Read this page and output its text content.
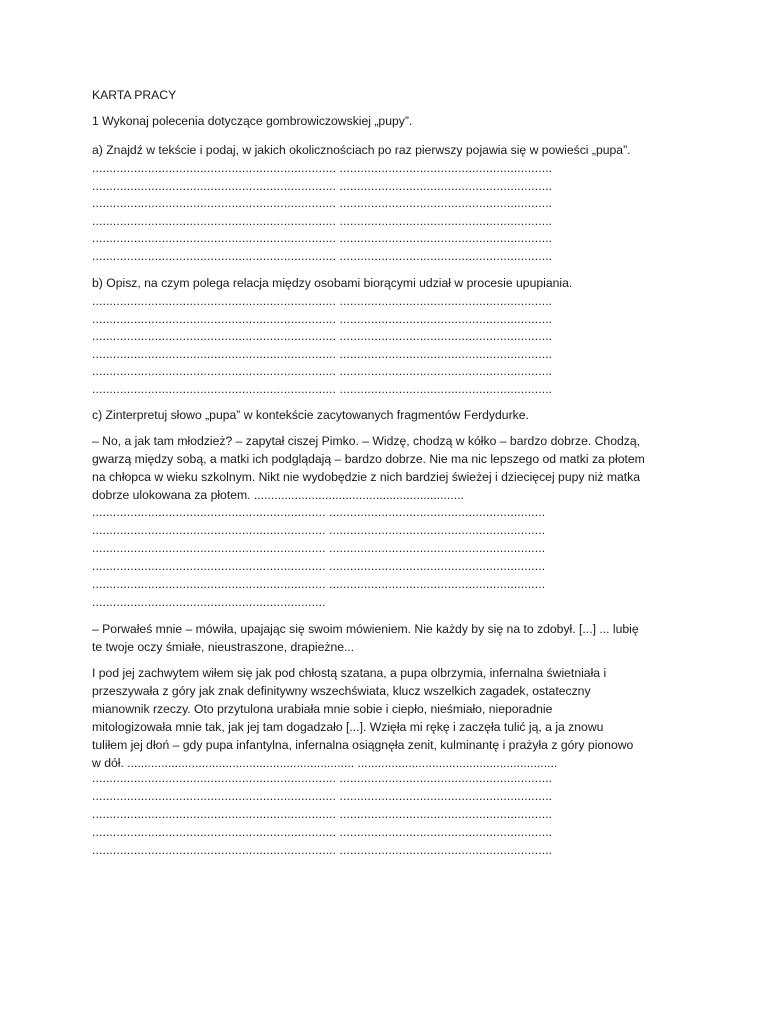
KARTA PRACY
1 Wykonaj polecenia dotyczące gombrowiczowskiej „pupy”.
a) Znajdź w tekście i podaj, w jakich okolicznościach po raz pierwszy pojawia się w powieści „pupa”.
...................................................................... .............................................................
...................................................................... .............................................................
...................................................................... .............................................................
...................................................................... .............................................................
...................................................................... .............................................................
...................................................................... .............................................................
b) Opisz, na czym polega relacja między osobami biorącymi udział w procesie upupiania.
...................................................................... .............................................................
...................................................................... .............................................................
...................................................................... .............................................................
...................................................................... .............................................................
...................................................................... .............................................................
...................................................................... .............................................................
c) Zinterpretuj słowo „pupa” w kontekście zacytowanych fragmentów Ferdydurke.
– No, a jak tam młodzież? – zapytał ciszej Pimko. – Widzę, chodzą w kółko – bardzo dobrze. Chodzą,
gwarzą między sobą, a matki ich podglądają – bardzo dobrze. Nie ma nic lepszego od matki za płotem
na chłopca w wieku szkolnym. Nikt nie wydobędzie z nich bardziej świeżej i dziecięcej pupy niż matka
dobrze ulokowana za płotem. ..............................................................
................................................................... ..............................................................
................................................................... ..............................................................
................................................................... ..............................................................
................................................................... ..............................................................
................................................................... ..............................................................
...................................................................
– Porwałeś mnie – mówiła, upajając się swoim mówieniem. Nie każdy by się na to zdobył. [...] ... lubię
te twoje oczy śmiałe, nieustraszone, drapieżne...
I pod jej zachwytem wiłem się jak pod chłostą szatana, a pupa olbrzymia, infernalna świetniała i
przeszywała z góry jak znak definitywny wszechświata, klucz wszelkich zagadek, ostateczny
mianownik rzeczy. Oto przytulona urabiała mnie sobie i ciepło, nieśmiało, nieporadnie
mitologizowała mnie tak, jak jej tam dogadzało [...]. Wzięła mi rękę i zaczęła tulić ją, a ja znowu
tuliłem jej dłoń – gdy pupa infantylna, infernalna osiągnęła zenit, kulminantę i prażyła z góry pionowo
w dół. ................................................................... ...........................................................
...................................................................... .............................................................
...................................................................... .............................................................
...................................................................... .............................................................
...................................................................... .............................................................
...................................................................... .............................................................
